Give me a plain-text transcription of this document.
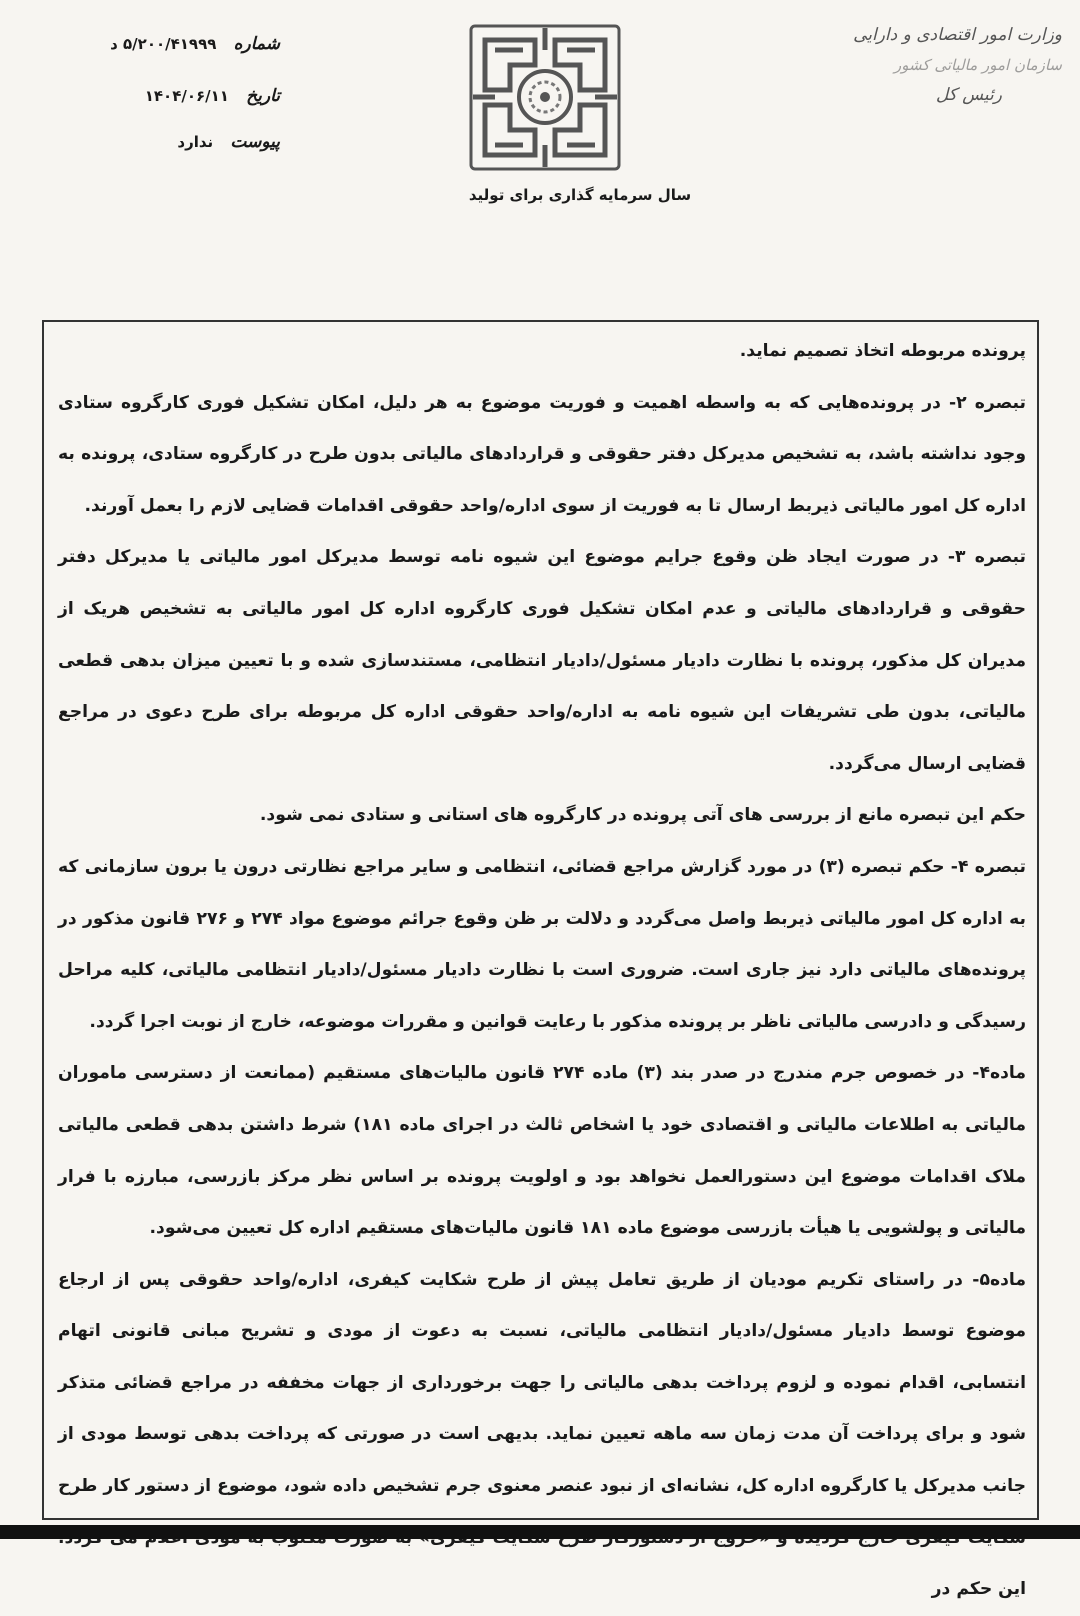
شماره ۵/۲۰۰/۴۱۹۹۹ د
تاریخ ۱۴۰۴/۰۶/۱۱
پیوست ندارد
وزارت امور اقتصادی و دارایی
سازمان امور مالیاتی کشور
رئیس کل
سال سرمایه گذاری برای تولید

پرونده مربوطه اتخاذ تصمیم نماید.

تبصره ۲- در پرونده‌هایی که به واسطه اهمیت و فوریت موضوع به هر دلیل، امکان تشکیل فوری کارگروه ستادی وجود نداشته باشد، به تشخیص مدیرکل دفتر حقوقی و قراردادهای مالیاتی بدون طرح در کارگروه ستادی، پرونده به اداره کل امور مالیاتی ذیربط ارسال تا به فوریت از سوی اداره/واحد حقوقی اقدامات قضایی لازم را بعمل آورند.

تبصره ۳- در صورت ایجاد ظن وقوع جرایم موضوع این شیوه نامه توسط مدیرکل امور مالیاتی یا مدیرکل دفتر حقوقی و قراردادهای مالیاتی و عدم امکان تشکیل فوری کارگروه اداره کل امور مالیاتی به تشخیص هریک از مدیران کل مذکور، پرونده با نظارت دادیار مسئول/دادیار انتظامی، مستندسازی شده و با تعیین میزان بدهی قطعی مالیاتی، بدون طی تشریفات این شیوه نامه به اداره/واحد حقوقی اداره کل مربوطه برای طرح دعوی در مراجع قضایی ارسال می‌گردد.

حکم این تبصره مانع از بررسی های آتی پرونده در کارگروه های استانی و ستادی نمی شود.

تبصره ۴- حکم تبصره (۳) در مورد گزارش مراجع قضائی، انتظامی و سایر مراجع نظارتی درون یا برون سازمانی که به اداره کل امور مالیاتی ذیربط واصل می‌گردد و دلالت بر ظن وقوع جرائم موضوع مواد ۲۷۴ و ۲۷۶ قانون مذکور در پرونده‌های مالیاتی دارد نیز جاری است. ضروری است با نظارت دادیار مسئول/دادیار انتظامی مالیاتی، کلیه مراحل رسیدگی و دادرسی مالیاتی ناظر بر پرونده مذکور با رعایت قوانین و مقررات موضوعه، خارج از نوبت اجرا گردد.

ماده۴- در خصوص جرم مندرج در صدر بند (۳) ماده ۲۷۴ قانون مالیات‌های مستقیم (ممانعت از دسترسی ماموران مالیاتی به اطلاعات مالیاتی و اقتصادی خود یا اشخاص ثالث در اجرای ماده ۱۸۱) شرط داشتن بدهی قطعی مالیاتی ملاک اقدامات موضوع این دستورالعمل نخواهد بود و اولویت پرونده بر اساس نظر مرکز بازرسی، مبارزه با فرار مالیاتی و پولشویی یا هیأت بازرسی موضوع ماده ۱۸۱ قانون مالیات‌های مستقیم اداره کل تعیین می‌شود.

ماده۵- در راستای تکریم مودیان از طریق تعامل پیش از طرح شکایت کیفری، اداره/واحد حقوقی پس از ارجاع موضوع توسط دادیار مسئول/دادیار انتظامی مالیاتی، نسبت به دعوت از مودی و تشریح مبانی قانونی اتهام انتسابی، اقدام نموده و لزوم پرداخت بدهی مالیاتی را جهت برخورداری از جهات مخففه در مراجع قضائی متذکر شود و برای پرداخت آن مدت زمان سه ماهه تعیین نماید. بدیهی است در صورتی که پرداخت بدهی توسط مودی از جانب مدیرکل یا کارگروه اداره کل، نشانه‌ای از نبود عنصر معنوی جرم تشخیص داده شود، موضوع از دستور کار طرح این حکم در
